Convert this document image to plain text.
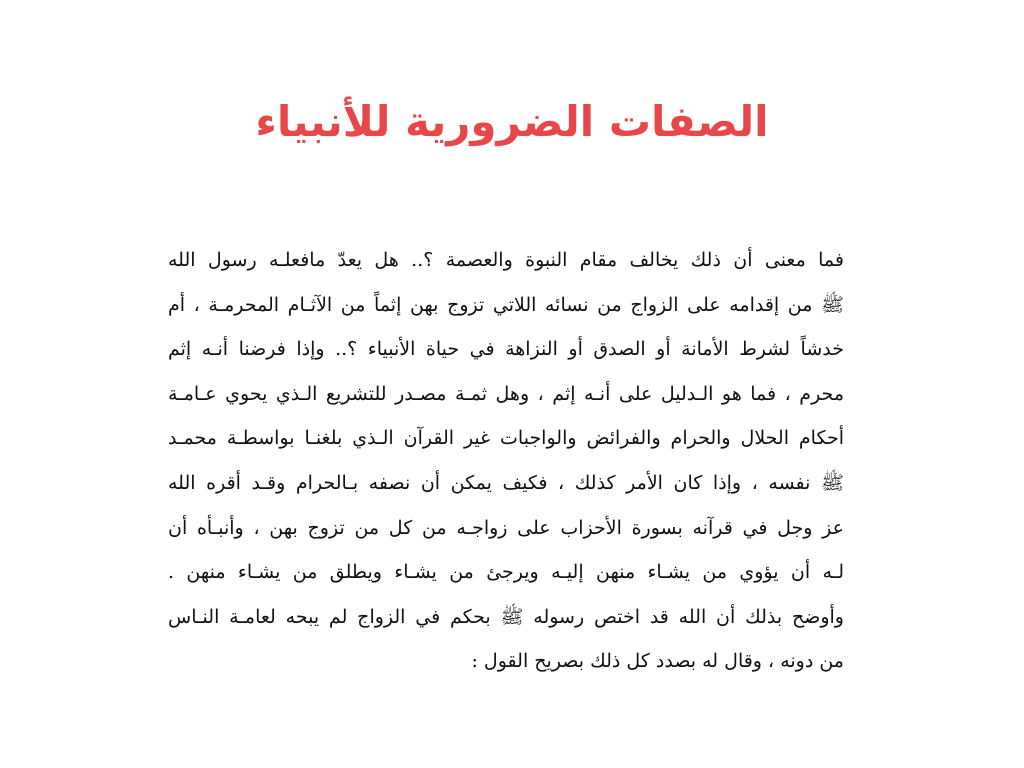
الصفات الضرورية للأنبياء
فما معنى أن ذلك يخالف مقام النبوة والعصمة ؟.. هل يعدّ مافعلـه رسول الله
ﷺ من إقدامه على الزواج من نسائه اللاتي تزوج بهن إثماً من الآثـام المحرمـة ، أم
خدشاً لشرط الأمانة أو الصدق أو النزاهة في حياة الأنبياء ؟.. وإذا فرضنا أنـه إثم
محرم ، فما هو الـدليل على أنـه إثم ، وهل ثمـة مصـدر للتشريع الـذي يحوي عـامـة
أحكام الحلال والحرام والفرائض والواجبات غير القرآن الـذي بلغنـا بواسطـة محمـد
ﷺ نفسه ، وإذا كان الأمر كذلك ، فكيف يمكن أن نصفه بـالحرام وقـد أقره الله
عز وجل في قرآنه بسورة الأحزاب على زواجـه من كل من تزوج بهن ، وأنبـأه أن
لـه أن يؤوي من يشـاء منهن إليـه ويرجئ من يشـاء ويطلق من يشـاء منهن .
وأوضح بذلك أن الله قد اختص رسوله ﷺ بحكم في الزواج لم يبحه لعامـة النـاس
من دونه ، وقال له بصدد كل ذلك بصريح القول :
